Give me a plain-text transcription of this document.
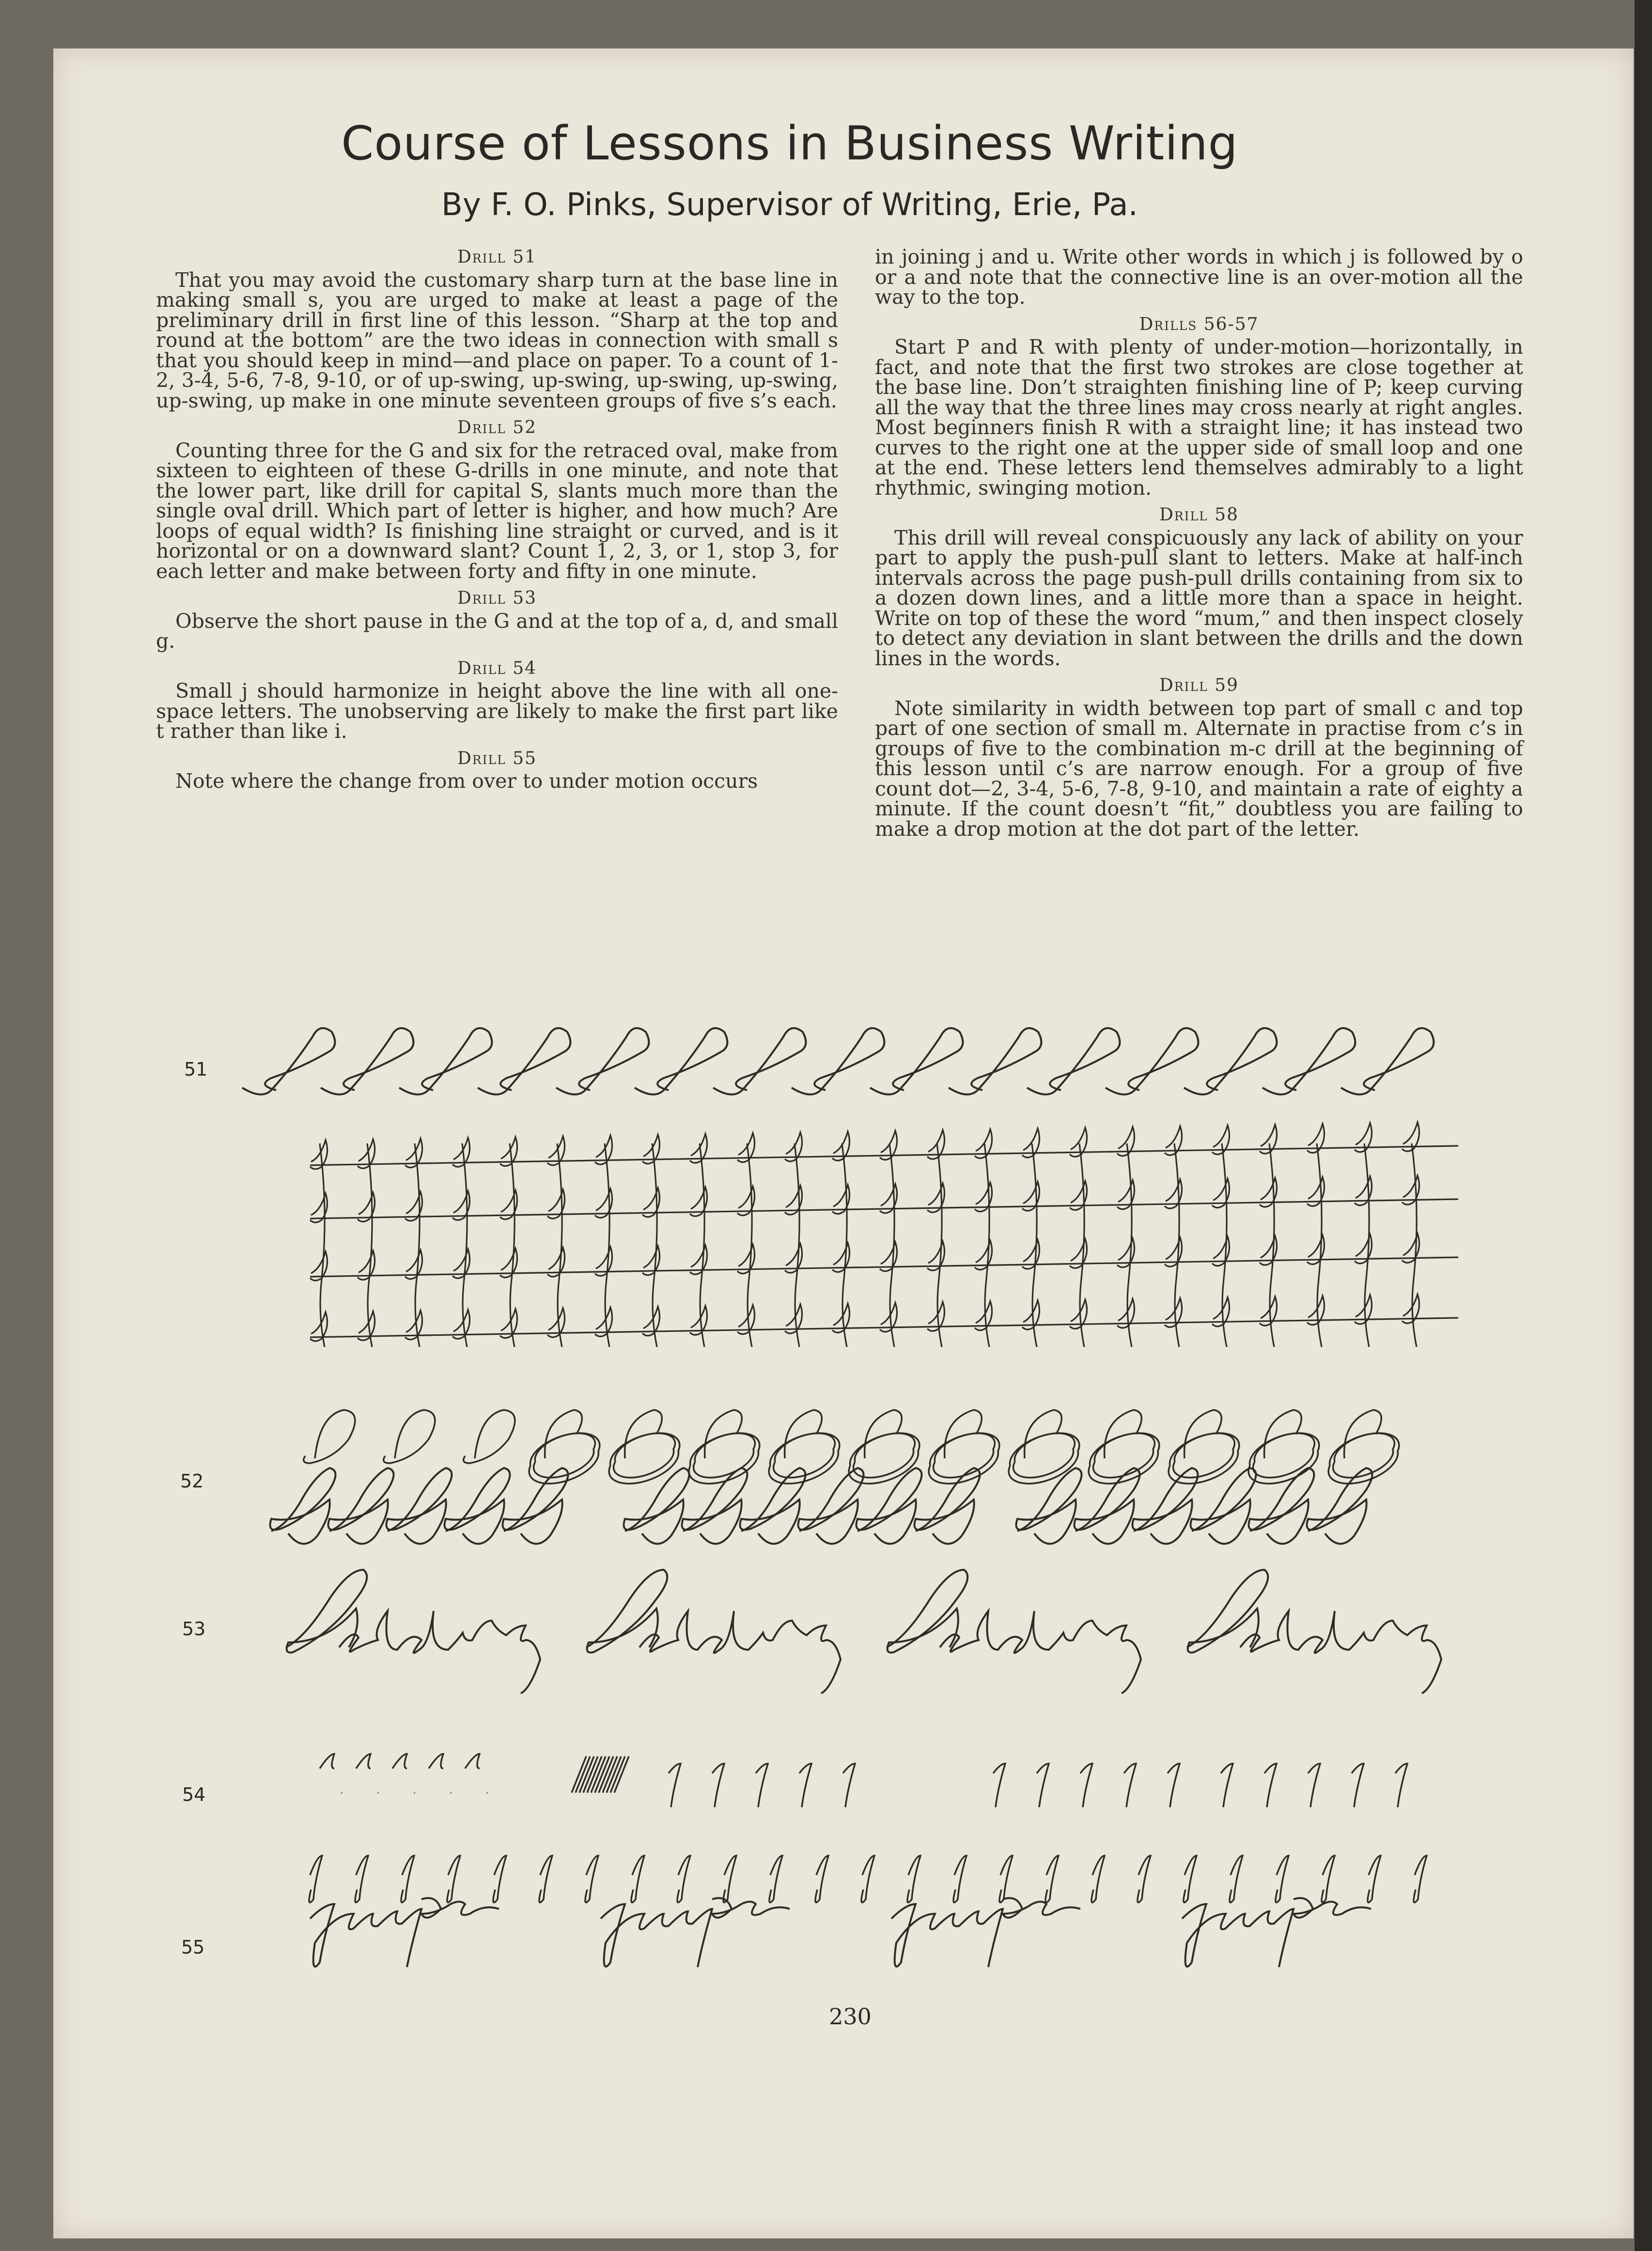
Course of Lessons in Business Writing
By F. O. Pinks, Supervisor of Writing, Erie, Pa.
Drill 51

That you may avoid the customary sharp turn at the base line in making small s, you are urged to make at least a page of the preliminary drill in first line of this lesson. “Sharp at the top and round at the bottom” are the two ideas in connection with small s that you should keep in mind—and place on paper. To a count of 1-2, 3-4, 5-6, 7-8, 9-10, or of up-swing, up-swing, up-swing, up-swing, up-swing, up make in one minute seventeen groups of five s’s each.

Drill 52

Counting three for the G and six for the retraced oval, make from sixteen to eighteen of these G-drills in one minute, and note that the lower part, like drill for capital S, slants much more than the single oval drill. Which part of letter is higher, and how much? Are loops of equal width? Is finishing line straight or curved, and is it horizontal or on a downward slant? Count 1, 2, 3, or 1, stop 3, for each letter and make between forty and fifty in one minute.

Drill 53

Observe the short pause in the G and at the top of a, d, and small g.

Drill 54

Small j should harmonize in height above the line with all one-space letters. The unobserving are likely to make the first part like t rather than like i.

Drill 55

Note where the change from over to under motion occurs

in joining j and u. Write other words in which j is followed by o or a and note that the connective line is an over-motion all the way to the top.

Drills 56-57

Start P and R with plenty of under-motion—horizontally, in fact, and note that the first two strokes are close together at the base line. Don’t straighten finishing line of P; keep curving all the way that the three lines may cross nearly at right angles. Most beginners finish R with a straight line; it has instead two curves to the right one at the upper side of small loop and one at the end. These letters lend themselves admirably to a light rhythmic, swinging motion.

Drill 58

This drill will reveal conspicuously any lack of ability on your part to apply the push-pull slant to letters. Make at half-inch intervals across the page push-pull drills containing from six to a dozen down lines, and a little more than a space in height. Write on top of these the word “mum,” and then inspect closely to detect any deviation in slant between the drills and the down lines in the words.

Drill 59

Note similarity in width between top part of small c and top part of one section of small m. Alternate in practise from c’s in groups of five to the combination m-c drill at the beginning of this lesson until c’s are narrow enough. For a group of five count dot—2, 3-4, 5-6, 7-8, 9-10, and maintain a rate of eighty a minute. If the count doesn’t “fit,” doubtless you are failing to make a drop motion at the dot part of the letter.

51
52
53
54
55
Gadding
jumper
230
